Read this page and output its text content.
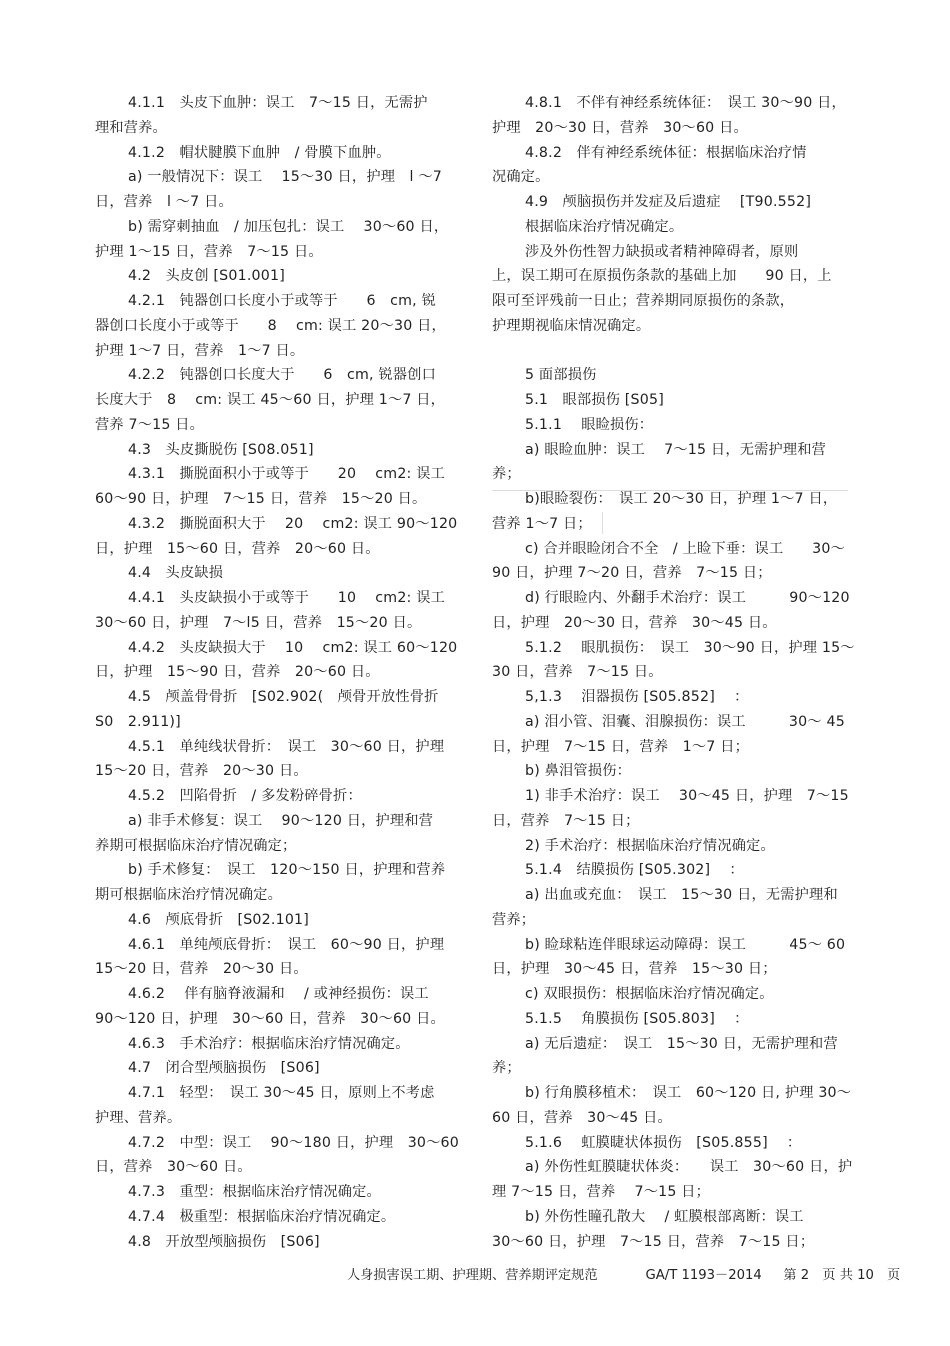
4.1.1　头皮下血肿：误工　7～15 日，无需护
理和营养。
4.1.2　帽状腱膜下血肿　/ 骨膜下血肿。
a) 一般情况下：误工　 15～30 日，护理　l ～7
日，营养　l ～7 日。
b) 需穿刺抽血　/ 加压包扎：误工　 30～60 日，
护理 1～15 日，营养　7～15 日。
4.2　头皮创 [S01.001]
4.2.1　钝器创口长度小于或等于　　6　cm, 锐
器创口长度小于或等于　　8　 cm: 误工 20～30 日，
护理 1～7 日，营养　1～7 日。
4.2.2　钝器创口长度大于　　6　cm, 锐器创口
长度大于　8　 cm: 误工 45～60 日，护理 1～7 日，
营养 7～15 日。
4.3　头皮撕脱伤 [S08.051]
4.3.1　撕脱面积小于或等于　　20　 cm2: 误工
60～90 日，护理　7～15 日，营养　15～20 日。
4.3.2　撕脱面积大于　 20　 cm2: 误工 90～120
日，护理　15～60 日，营养　20～60 日。
4.4　头皮缺损
4.4.1　头皮缺损小于或等于　　10　 cm2: 误工
30～60 日，护理　7～l5 日，营养　15～20 日。
4.4.2　头皮缺损大于　 10　 cm2: 误工 60～120
日，护理　15～90 日，营养　20～60 日。
4.5　颅盖骨骨折　[S02.902(　颅骨开放性骨折
S0　2.911)]
4.5.1　单纯线状骨折：　误工　30～60 日，护理
15～20 日，营养　20～30 日。
4.5.2　凹陷骨折　/ 多发粉碎骨折：
a) 非手术修复：误工　 90～120 日，护理和营
养期可根据临床治疗情况确定；
b) 手术修复：　误工　120～150 日，护理和营养
期可根据临床治疗情况确定。
4.6　颅底骨折　[S02.101]
4.6.1　单纯颅底骨折：　误工　60～90 日，护理
15～20 日，营养　20～30 日。
4.6.2　 伴有脑脊液漏和　 / 或神经损伤：误工
90～120 日，护理　30～60 日，营养　30～60 日。
4.6.3　手术治疗：根据临床治疗情况确定。
4.7　闭合型颅脑损伤　[S06]
4.7.1　轻型：　误工 30～45 日，原则上不考虑
护理、营养。
4.7.2　中型：误工　 90～180 日，护理　30～60
日，营养　30～60 日。
4.7.3　重型：根据临床治疗情况确定。
4.7.4　极重型：根据临床治疗情况确定。
4.8　开放型颅脑损伤　[S06]
4.8.1　不伴有神经系统体征：　误工 30～90 日，
护理　20～30 日，营养　30～60 日。
4.8.2　伴有神经系统体征：根据临床治疗情
况确定。
4.9　颅脑损伤并发症及后遗症　 [T90.552]
根据临床治疗情况确定。
涉及外伤性智力缺损或者精神障碍者，原则
上，误工期可在原损伤条款的基础上加　　90 日，上
限可至评残前一日止；营养期同原损伤的条款，
护理期视临床情况确定。
5 面部损伤
5.1　眼部损伤 [S05]
5.1.1　 眼睑损伤：
a) 眼睑血肿：误工　 7～15 日，无需护理和营
养；
b)眼睑裂伤：　误工 20～30 日，护理 1～7 日，
营养 1～7 日；
c) 合并眼睑闭合不全　/ 上睑下垂：误工　　30～
90 日，护理 7～20 日，营养　7～15 日；
d) 行眼睑内、外翻手术治疗：误工　　　90～120
日，护理　20～30 日，营养　30～45 日。
5.1.2　 眼肌损伤：　误工　30～90 日，护理 15～
30 日，营养　7～15 日。
5,1.3　 泪器损伤 [S05.852]　 ：
a) 泪小管、泪囊、泪腺损伤：误工　　　30～ 45
日，护理　7～15 日，营养　1～7 日；
b) 鼻泪管损伤：
1) 非手术治疗：误工　 30～45 日，护理　7～15
日，营养　7～15 日；
2) 手术治疗：根据临床治疗情况确定。
5.1.4　结膜损伤 [S05.302]　 ：
a) 出血或充血：　误工　15～30 日，无需护理和
营养；
b) 睑球粘连伴眼球运动障碍：误工　　　45～ 60
日，护理　30～45 日，营养　15～30 日；
c) 双眼损伤：根据临床治疗情况确定。
5.1.5　 角膜损伤 [S05.803]　 ：
a) 无后遗症：　误工　15～30 日，无需护理和营
养；
b) 行角膜移植术：　误工　60～120 日, 护理 30～
60 日，营养　30～45 日。
5.1.6　 虹膜睫状体损伤　[S05.855]　 ：
a) 外伤性虹膜睫状体炎：　　误工　30～60 日，护
理 7～15 日，营养　 7～15 日；
b) 外伤性瞳孔散大　 / 虹膜根部离断：误工
30～60 日，护理　7～15 日，营养　7～15 日；
人身损害误工期、护理期、营养期评定规范 　　　	GA/T 1193－2014 　 第 2　页 共 10　页
